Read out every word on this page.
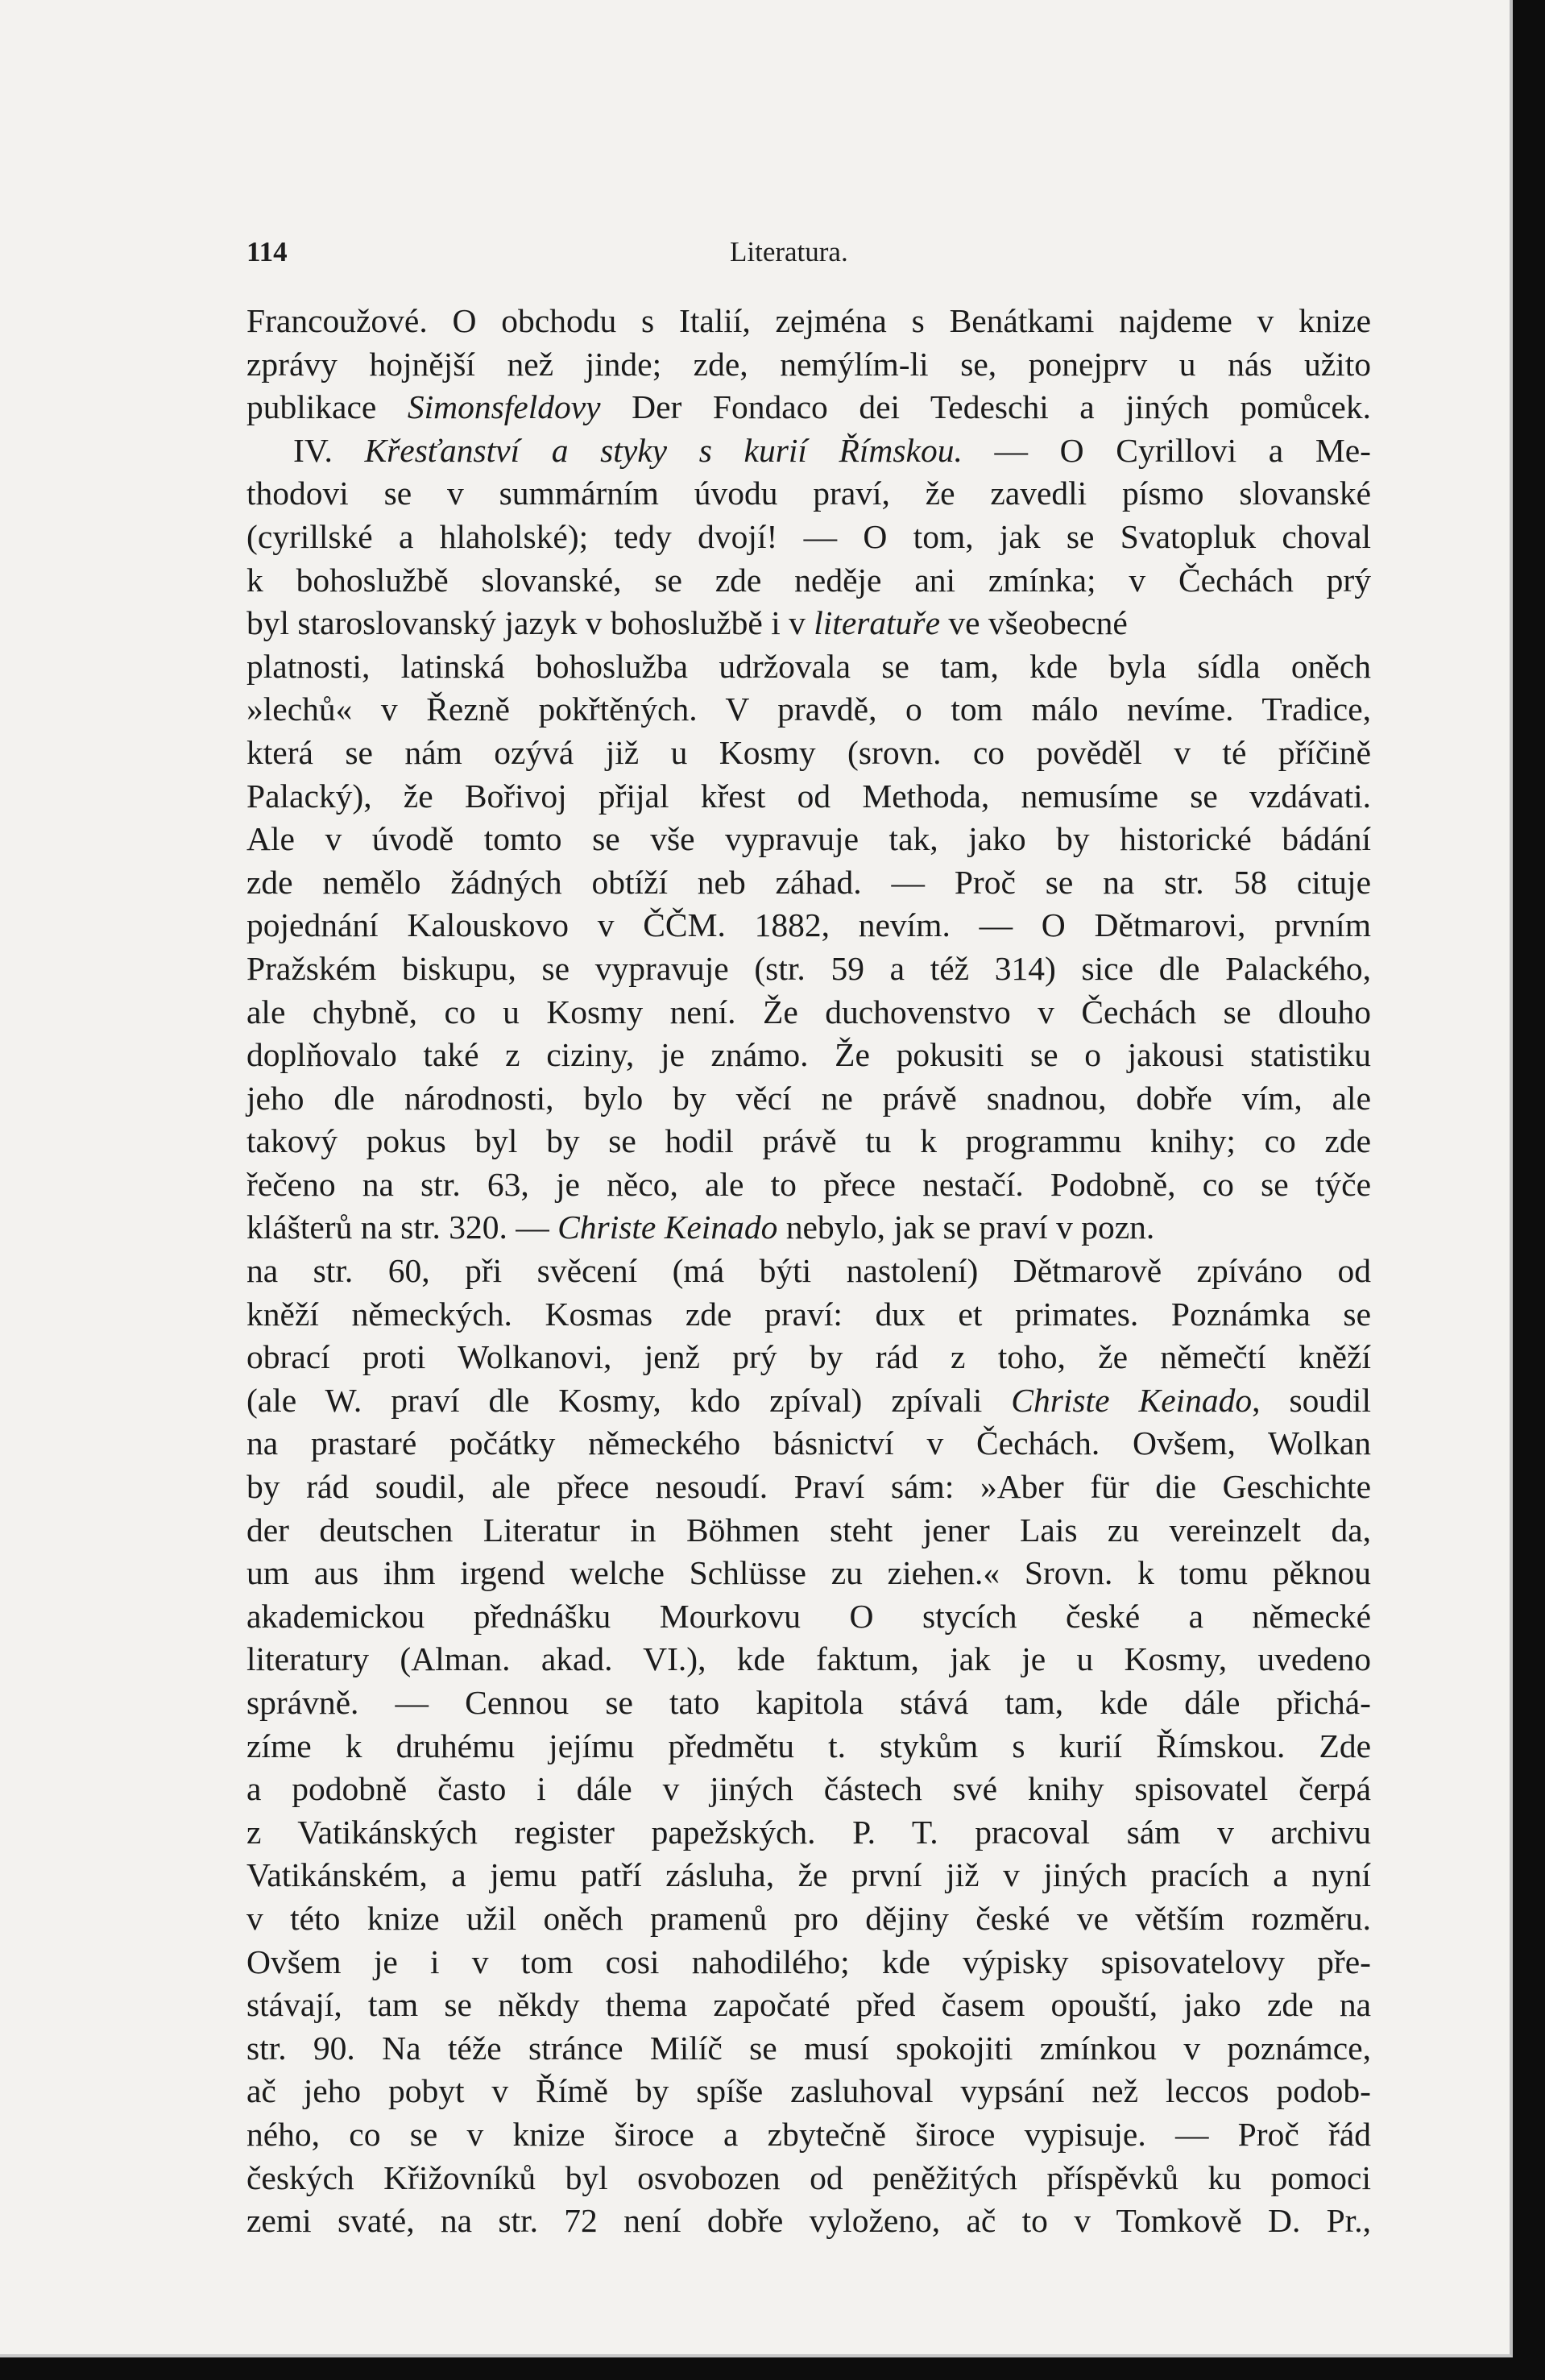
114	Literatura.
Francoužové. O obchodu s Italií, zejména s Benátkami najdeme v knize
zprávy hojnější než jinde; zde, nemýlím-li se, ponejprv u nás užito
publikace Simonsfeldovy Der Fondaco dei Tedeschi a jiných pomůcek.
IV. Křesťanství a styky s kurií Římskou. — O Cyrillovi a Me-
thodovi se v summárním úvodu praví, že zavedli písmo slovanské
(cyrillské a hlaholské); tedy dvojí! — O tom, jak se Svatopluk choval
k bohoslužbě slovanské, se zde neděje ani zmínka; v Čechách prý
byl staroslovanský jazyk v bohoslužbě i v literatuře ve všeobecné
platnosti, latinská bohoslužba udržovala se tam, kde byla sídla oněch
»lechů« v Řezně pokřtěných. V pravdě, o tom málo nevíme. Tradice,
která se nám ozývá již u Kosmy (srovn. co pověděl v té příčině
Palacký), že Bořivoj přijal křest od Methoda, nemusíme se vzdávati.
Ale v úvodě tomto se vše vypravuje tak, jako by historické bádání
zde nemělo žádných obtíží neb záhad. — Proč se na str. 58 cituje
pojednání Kalouskovo v ČČM. 1882, nevím. — O Dětmarovi, prvním
Pražském biskupu, se vypravuje (str. 59 a též 314) sice dle Palackého,
ale chybně, co u Kosmy není. Že duchovenstvo v Čechách se dlouho
doplňovalo také z ciziny, je známo. Že pokusiti se o jakousi statistiku
jeho dle národnosti, bylo by věcí ne právě snadnou, dobře vím, ale
takový pokus byl by se hodil právě tu k programmu knihy; co zde
řečeno na str. 63, je něco, ale to přece nestačí. Podobně, co se týče
klášterů na str. 320. — Christe Keinado nebylo, jak se praví v pozn.
na str. 60, při svěcení (má býti nastolení) Dětmarově zpíváno od
kněží německých. Kosmas zde praví: dux et primates. Poznámka se
obrací proti Wolkanovi, jenž prý by rád z toho, že němečtí kněží
(ale W. praví dle Kosmy, kdo zpíval) zpívali Christe Keinado, soudil
na prastaré počátky německého básnictví v Čechách. Ovšem, Wolkan
by rád soudil, ale přece nesoudí. Praví sám: »Aber für die Geschichte
der deutschen Literatur in Böhmen steht jener Lais zu vereinzelt da,
um aus ihm irgend welche Schlüsse zu ziehen.« Srovn. k tomu pěknou
akademickou přednášku Mourkovu O stycích české a německé
literatury (Alman. akad. VI.), kde faktum, jak je u Kosmy, uvedeno
správně. — Cennou se tato kapitola stává tam, kde dále přichá-
zíme k druhému jejímu předmětu t. stykům s kurií Římskou. Zde
a podobně často i dále v jiných částech své knihy spisovatel čerpá
z Vatikánských register papežských. P. T. pracoval sám v archivu
Vatikánském, a jemu patří zásluha, že první již v jiných pracích a nyní
v této knize užil oněch pramenů pro dějiny české ve větším rozměru.
Ovšem je i v tom cosi nahodilého; kde výpisky spisovatelovy pře-
stávají, tam se někdy thema započaté před časem opouští, jako zde na
str. 90. Na téže stránce Milíč se musí spokojiti zmínkou v poznámce,
ač jeho pobyt v Římě by spíše zasluhoval vypsání než leccos podob-
ného, co se v knize široce a zbytečně široce vypisuje. — Proč řád
českých Křižovníků byl osvobozen od peněžitých příspěvků ku pomoci
zemi svaté, na str. 72 není dobře vyloženo, ač to v Tomkově D. Pr.,
